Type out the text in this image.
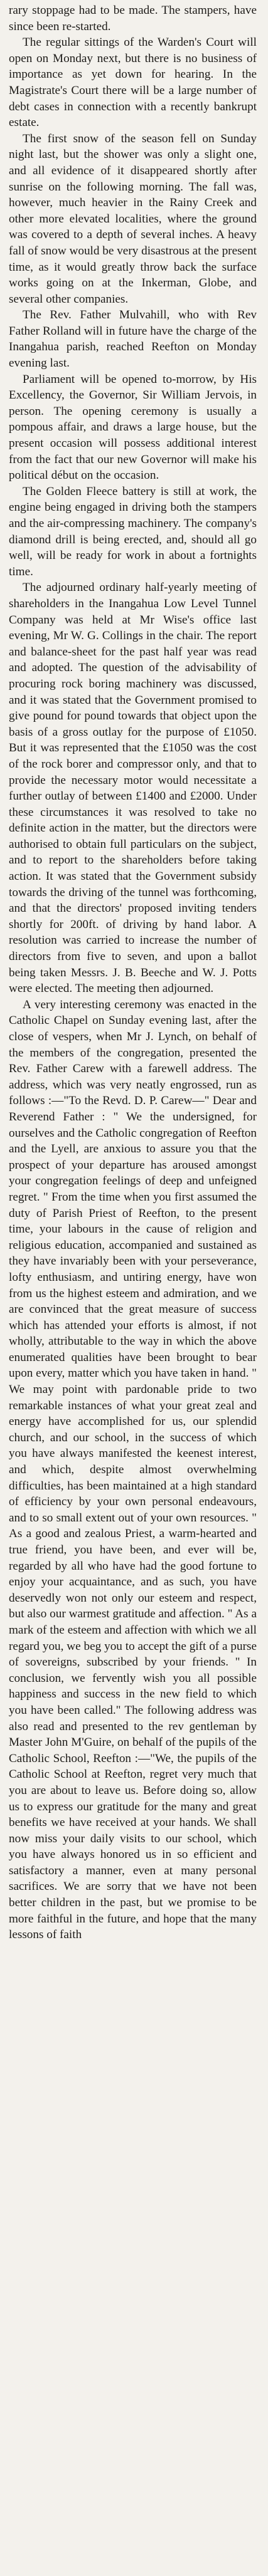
rary stoppage had to be made. The stampers, have since been re-started.

The regular sittings of the Warden's Court will open on Monday next, but there is no business of importance as yet down for hearing. In the Magistrate's Court there will be a large number of debt cases in connection with a recently bankrupt estate.

The first snow of the season fell on Sunday night last, but the shower was only a slight one, and all evidence of it disappeared shortly after sunrise on the following morning. The fall was, however, much heavier in the Rainy Creek and other more elevated localities, where the ground was covered to a depth of several inches. A heavy fall of snow would be very disastrous at the present time, as it would greatly throw back the surface works going on at the Inkerman, Globe, and several other companies.

The Rev. Father Mulvahill, who with Rev Father Rolland will in future have the charge of the Inangahua parish, reached Reefton on Monday evening last.

Parliament will be opened to-morrow, by His Excellency, the Governor, Sir William Jervois, in person. The opening ceremony is usually a pompous affair, and draws a large house, but the present occasion will possess additional interest from the fact that our new Governor will make his political début on the occasion.

The Golden Fleece battery is still at work, the engine being engaged in driving both the stampers and the air-compressing machinery. The company's diamond drill is being erected, and, should all go well, will be ready for work in about a fortnights time.

The adjourned ordinary half-yearly meeting of shareholders in the Inangahua Low Level Tunnel Company was held at Mr Wise's office last evening, Mr W. G. Collings in the chair. The report and balance-sheet for the past half year was read and adopted. The question of the advisability of procuring rock boring machinery was discussed, and it was stated that the Government promised to give pound for pound towards that object upon the basis of a gross outlay for the purpose of £1050. But it was represented that the £1050 was the cost of the rock borer and compressor only, and that to provide the necessary motor would necessitate a further outlay of between £1400 and £2000. Under these circumstances it was resolved to take no definite action in the matter, but the directors were authorised to obtain full particulars on the subject, and to report to the shareholders before taking action. It was stated that the Government subsidy towards the driving of the tunnel was forthcoming, and that the directors' proposed inviting tenders shortly for 200ft. of driving by hand labor. A resolution was carried to increase the number of directors from five to seven, and upon a ballot being taken Messrs. J. B. Beeche and W. J. Potts were elected. The meeting then adjourned.

A very interesting ceremony was enacted in the Catholic Chapel on Sunday evening last, after the close of vespers, when Mr J. Lynch, on behalf of the members of the congregation, presented the Rev. Father Carew with a farewell address. The address, which was very neatly engrossed, run as follows :—"To the Revd. D. P. Carew—" Dear and Reverend Father : " We the undersigned, for ourselves and the Catholic congregation of Reefton and the Lyell, are anxious to assure you that the prospect of your departure has aroused amongst your congregation feelings of deep and unfeigned regret. " From the time when you first assumed the duty of Parish Priest of Reefton, to the present time, your labours in the cause of religion and religious education, accompanied and sustained as they have invariably been with your perseverance, lofty enthusiasm, and untiring energy, have won from us the highest esteem and admiration, and we are convinced that the great measure of success which has attended your efforts is almost, if not wholly, attributable to the way in which the above enumerated qualities have been brought to bear upon every, matter which you have taken in hand. " We may point with pardonable pride to two remarkable instances of what your great zeal and energy have accomplished for us, our splendid church, and our school, in the success of which you have always manifested the keenest interest, and which, despite almost overwhelming difficulties, has been maintained at a high standard of efficiency by your own personal endeavours, and to so small extent out of your own resources. " As a good and zealous Priest, a warm-hearted and true friend, you have been, and ever will be, regarded by all who have had the good fortune to enjoy your acquaintance, and as such, you have deservedly won not only our esteem and respect, but also our warmest gratitude and affection. " As a mark of the esteem and affection with which we all regard you, we beg you to accept the gift of a purse of sovereigns, subscribed by your friends. " In conclusion, we fervently wish you all possible happiness and success in the new field to which you have been called." The following address was also read and presented to the rev gentleman by Master John M'Guire, on behalf of the pupils of the Catholic School, Reefton :—"We, the pupils of the Catholic School at Reefton, regret very much that you are about to leave us. Before doing so, allow us to express our gratitude for the many and great benefits we have received at your hands. We shall now miss your daily visits to our school, which you have always honored us in so efficient and satisfactory a manner, even at many personal sacrifices. We are sorry that we have not been better children in the past, but we promise to be more faithful in the future, and hope that the many lessons of faith
